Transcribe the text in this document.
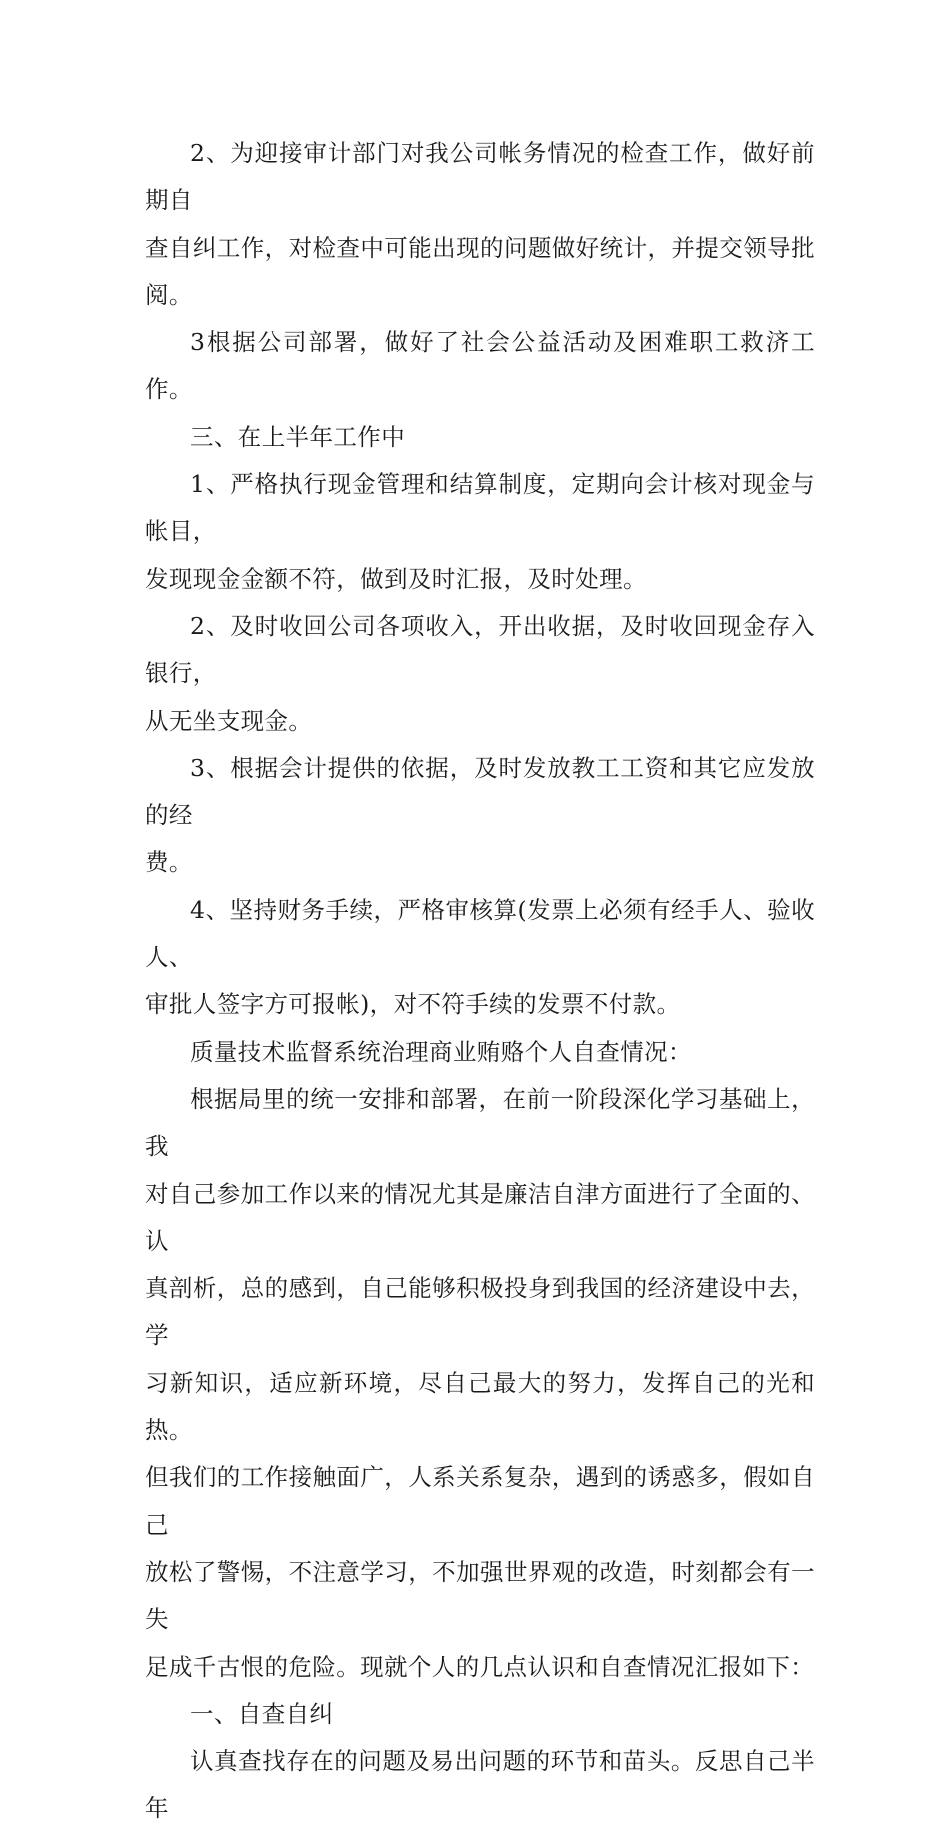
2、为迎接审计部门对我公司帐务情况的检查工作，做好前期自
查自纠工作，对检查中可能出现的问题做好统计，并提交领导批阅。

3根据公司部署，做好了社会公益活动及困难职工救济工作。

三、在上半年工作中

1、严格执行现金管理和结算制度，定期向会计核对现金与帐目，
发现现金金额不符，做到及时汇报，及时处理。

2、及时收回公司各项收入，开出收据，及时收回现金存入银行，
从无坐支现金。

3、根据会计提供的依据，及时发放教工工资和其它应发放的经
费。

4、坚持财务手续，严格审核算(发票上必须有经手人、验收人、
审批人签字方可报帐)，对不符手续的发票不付款。

质量技术监督系统治理商业贿赂个人自查情况：

根据局里的统一安排和部署，在前一阶段深化学习基础上，我
对自己参加工作以来的情况尤其是廉洁自津方面进行了全面的、认
真剖析，总的感到，自己能够积极投身到我国的经济建设中去，学
习新知识，适应新环境，尽自己最大的努力，发挥自己的光和热。
但我们的工作接触面广，人系关系复杂，遇到的诱惑多，假如自己
放松了警惕，不注意学习，不加强世界观的改造，时刻都会有一失
足成千古恨的危险。现就个人的几点认识和自查情况汇报如下：

一、自查自纠

认真查找存在的问题及易出问题的环节和苗头。反思自己半年
